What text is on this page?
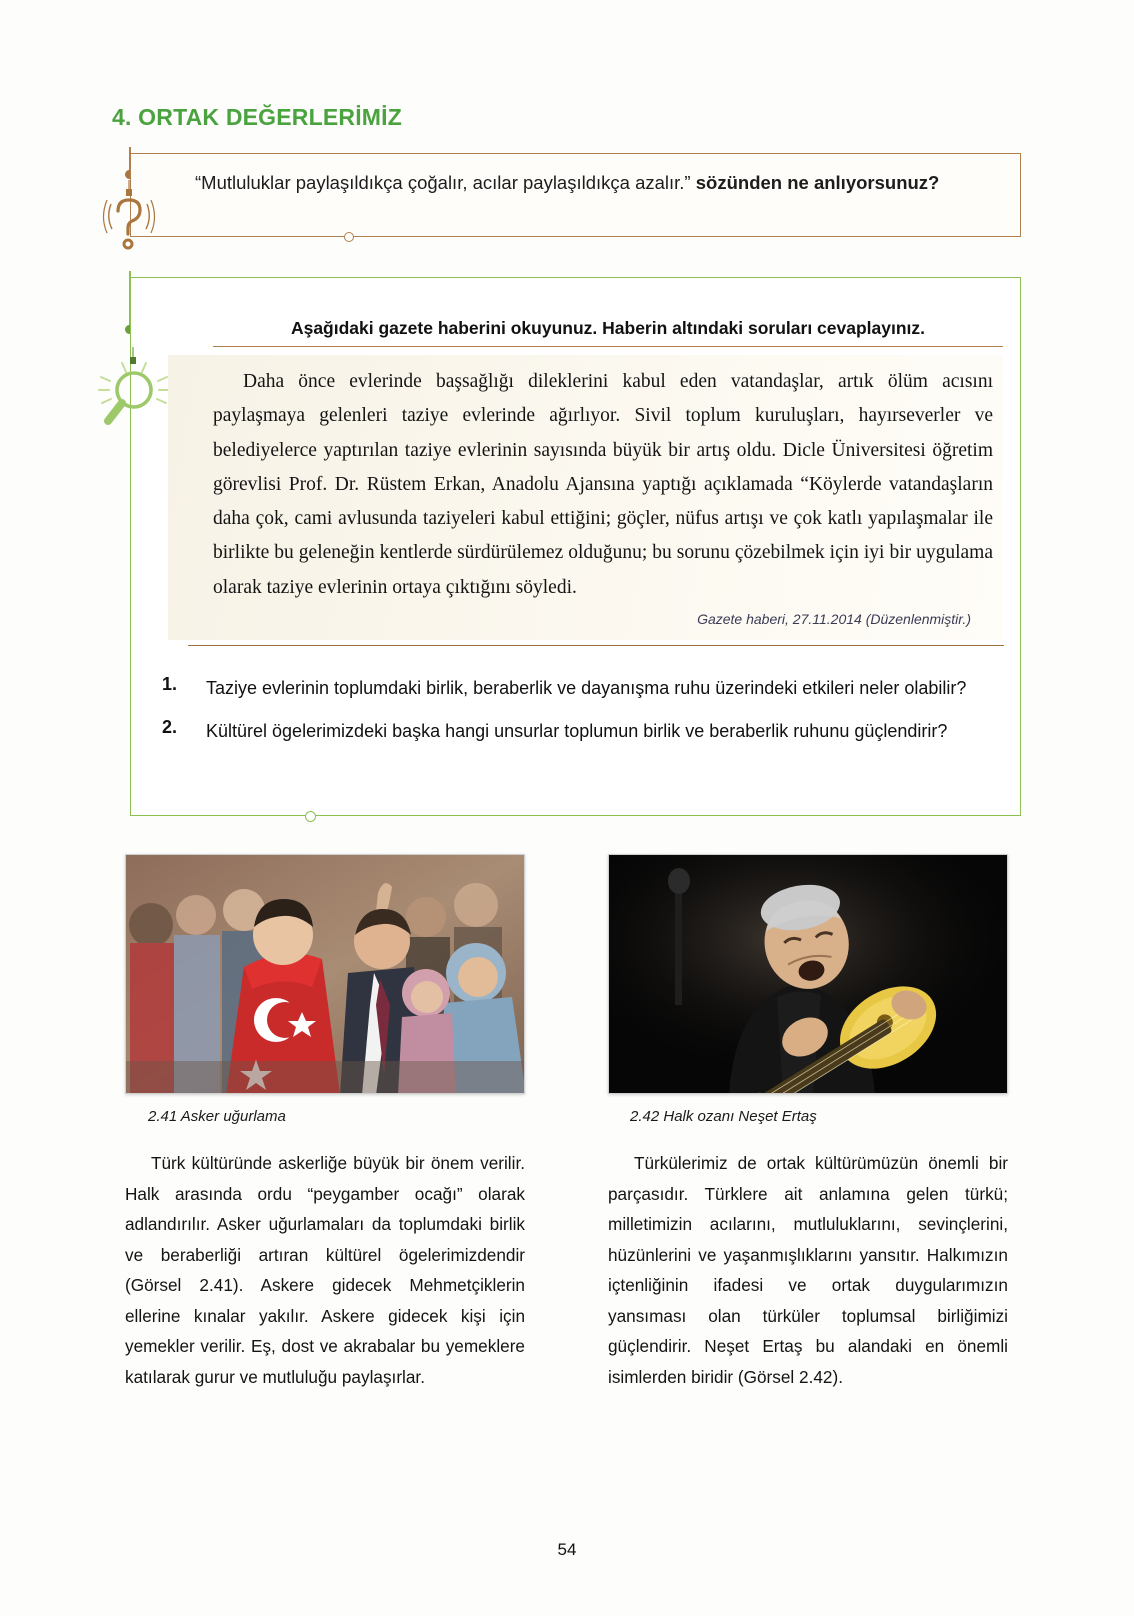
4. ORTAK DEĞERLERİMİZ
“Mutluluklar paylaşıldıkça çoğalır, acılar paylaşıldıkça azalır.” sözünden ne anlıyorsunuz?
Aşağıdaki gazete haberini okuyunuz. Haberin altındaki soruları cevaplayınız.
Daha önce evlerinde başsağlığı dileklerini kabul eden vatandaşlar, artık ölüm acısını paylaşmaya gelenleri taziye evlerinde ağırlıyor. Sivil toplum kuruluşları, hayırseverler ve belediyelerce yaptırılan taziye evlerinin sayısında büyük bir artış oldu. Dicle Üniversitesi öğretim görevlisi Prof. Dr. Rüstem Erkan, Anadolu Ajansına yaptığı açıklamada “Köylerde vatandaşların daha çok, cami avlusunda taziyeleri kabul ettiğini; göçler, nüfus artışı ve çok katlı yapılaşmalar ile birlikte bu geleneğin kentlerde sürdürülemez olduğunu; bu sorunu çözebilmek için iyi bir uygulama olarak taziye evlerinin ortaya çıktığını söyledi.
Gazete haberi, 27.11.2014 (Düzenlenmiştir.)
1.	Taziye evlerinin toplumdaki birlik, beraberlik ve dayanışma ruhu üzerindeki etkileri neler olabilir?
2.	Kültürel ögelerimizdeki başka hangi unsurlar toplumun birlik ve beraberlik ruhunu güçlendirir?
2.41 Asker uğurlama	2.42 Halk ozanı Neşet Ertaş
Türk kültüründe askerliğe büyük bir önem verilir. Halk arasında ordu “peygamber ocağı” olarak adlandırılır. Asker uğurlamaları da toplumdaki birlik ve beraberliği artıran kültürel ögelerimizdendir (Görsel 2.41). Askere gidecek Mehmetçiklerin ellerine kınalar yakılır. Askere gidecek kişi için yemekler verilir. Eş, dost ve akrabalar bu yemeklere katılarak gurur ve mutluluğu paylaşırlar.
Türkülerimiz de ortak kültürümüzün önemli bir parçasıdır. Türklere ait anlamına gelen türkü; milletimizin acılarını, mutluluklarını, sevinçlerini, hüzünlerini ve yaşanmışlıklarını yansıtır. Halkımızın içtenliğinin ifadesi ve ortak duygularımızın yansıması olan türküler toplumsal birliğimizi güçlendirir. Neşet Ertaş bu alandaki en önemli isimlerden biridir (Görsel 2.42).
54
